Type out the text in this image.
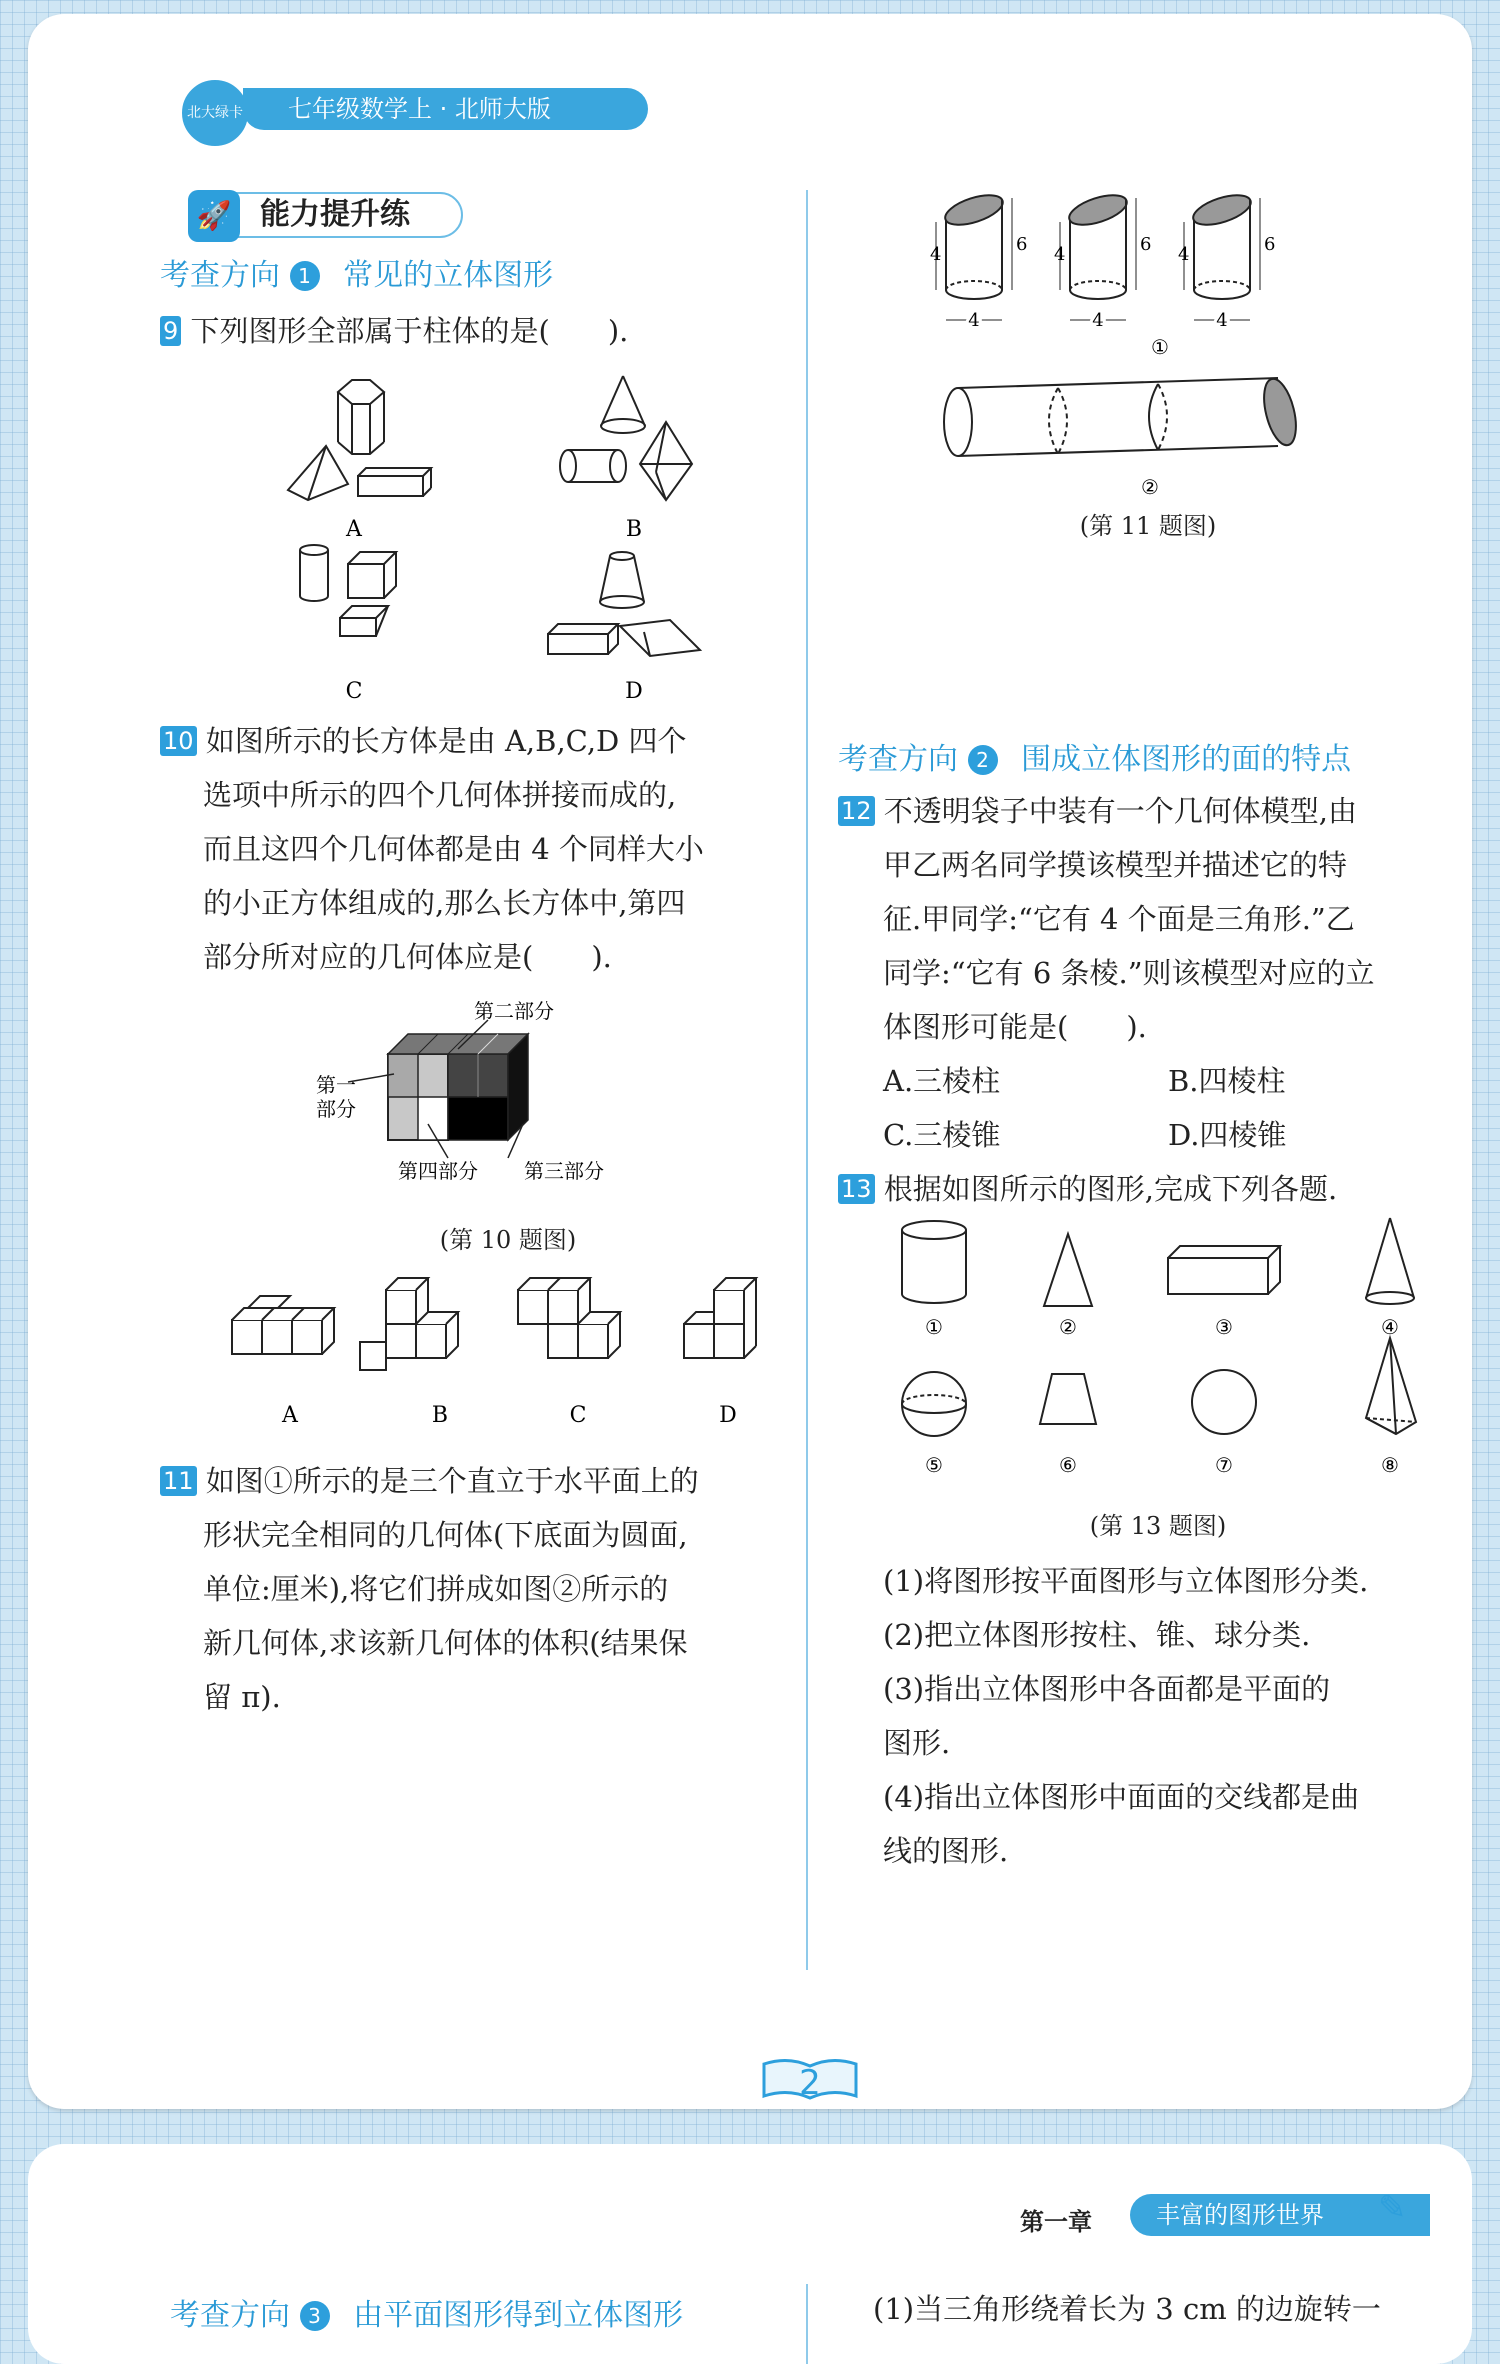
北大绿卡	七年级数学上 · 北师大版
能力提升练
🚀
考查方向 1 常见的立体图形
9 下列图形全部属于柱体的是(　　).
A	B
C	D
10 如图所示的长方体是由 A,B,C,D 四个
选项中所示的四个几何体拼接而成的,
而且这四个几何体都是由 4 个同样大小
的小正方体组成的,那么长方体中,第四
部分所对应的几何体应是(　　).
第二部分
第一
部分
第四部分 第三部分
(第 10 题图)
A	B	C	D
11 如图①所示的是三个直立于水平面上的
形状完全相同的几何体(下底面为圆面,
单位:厘米),将它们拼成如图②所示的
新几何体,求该新几何体的体积(结果保
留 π).
4	6 4	6 4	6
4	4	4
①
②
(第 11 题图)
考查方向 2 围成立体图形的面的特点
12 不透明袋子中装有一个几何体模型,由
甲乙两名同学摸该模型并描述它的特
征.甲同学:“它有 4 个面是三角形.”乙
同学:“它有 6 条棱.”则该模型对应的立
体图形可能是(　　).
A.三棱柱	B.四棱柱
C.三棱锥	D.四棱锥
13 根据如图所示的图形,完成下列各题.
①	②	③	④
⑤	⑥	⑦	⑧
(第 13 题图)
(1)将图形按平面图形与立体图形分类.
(2)把立体图形按柱、锥、球分类.
(3)指出立体图形中各面都是平面的
图形.
(4)指出立体图形中面面的交线都是曲
线的图形.
2
第一章	丰富的图形世界	✎
考查方向 3 由平面图形得到立体图形	(1)当三角形绕着长为 3 cm 的边旋转一
